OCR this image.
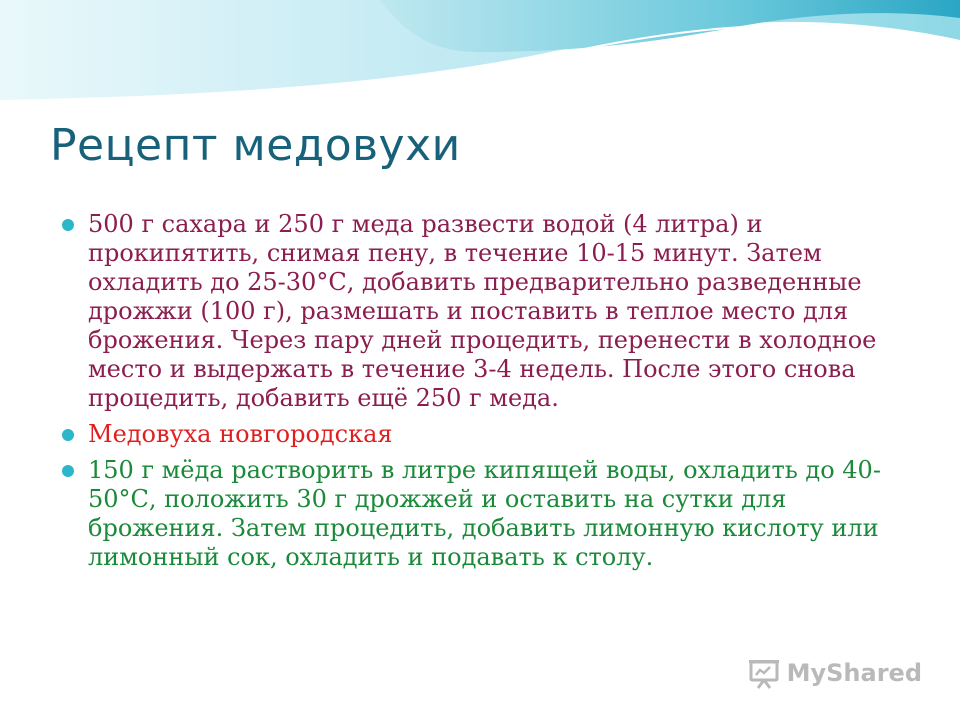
Рецепт медовухи
500 г сахара и 250 г меда развести водой (4 литра) и прокипятить, снимая пену, в течение 10-15 минут. Затем охладить до 25-30°С, добавить предварительно разведенные дрожжи (100 г), размешать и поставить в теплое место для брожения. Через пару дней процедить, перенести в холодное место и выдержать в течение 3-4 недель. После этого снова процедить, добавить ещё 250 г меда.
Медовуха новгородская
150 г мёда растворить в литре кипящей воды, охладить до 40-50°С, положить 30 г дрожжей и оставить на сутки для брожения. Затем процедить, добавить лимонную кислоту или лимонный сок, охладить и подавать к столу.
MyShared
